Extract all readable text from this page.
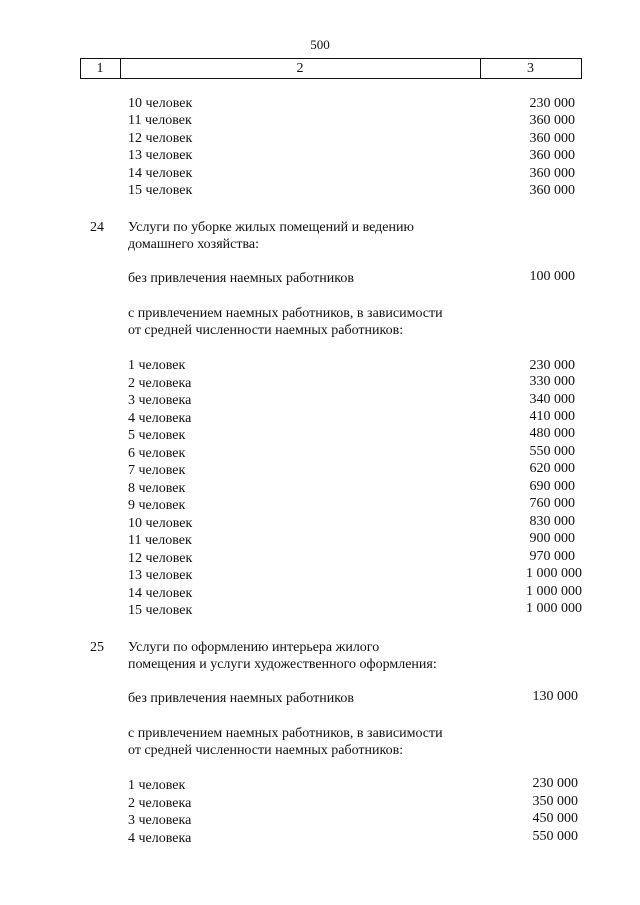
500
1	2	3
10 человек	230 000
11 человек	360 000
12 человек	360 000
13 человек	360 000
14 человек	360 000
15 человек	360 000
24 Услуги по уборке жилых помещений и ведению
домашнего хозяйства:
без привлечения наемных работников	100 000
с привлечением наемных работников, в зависимости
от средней численности наемных работников:
1 человек	230 000
2 человека	330 000
3 человека	340 000
4 человека	410 000
5 человек	480 000
6 человек	550 000
7 человек	620 000
8 человек	690 000
9 человек	760 000
10 человек	830 000
11 человек	900 000
12 человек	970 000
13 человек	1 000 000
14 человек	1 000 000
15 человек	1 000 000
25 Услуги по оформлению интерьера жилого
помещения и услуги художественного оформления:
без привлечения наемных работников	130 000
с привлечением наемных работников, в зависимости
от средней численности наемных работников:
1 человек	230 000
2 человека	350 000
3 человека	450 000
4 человека	550 000
